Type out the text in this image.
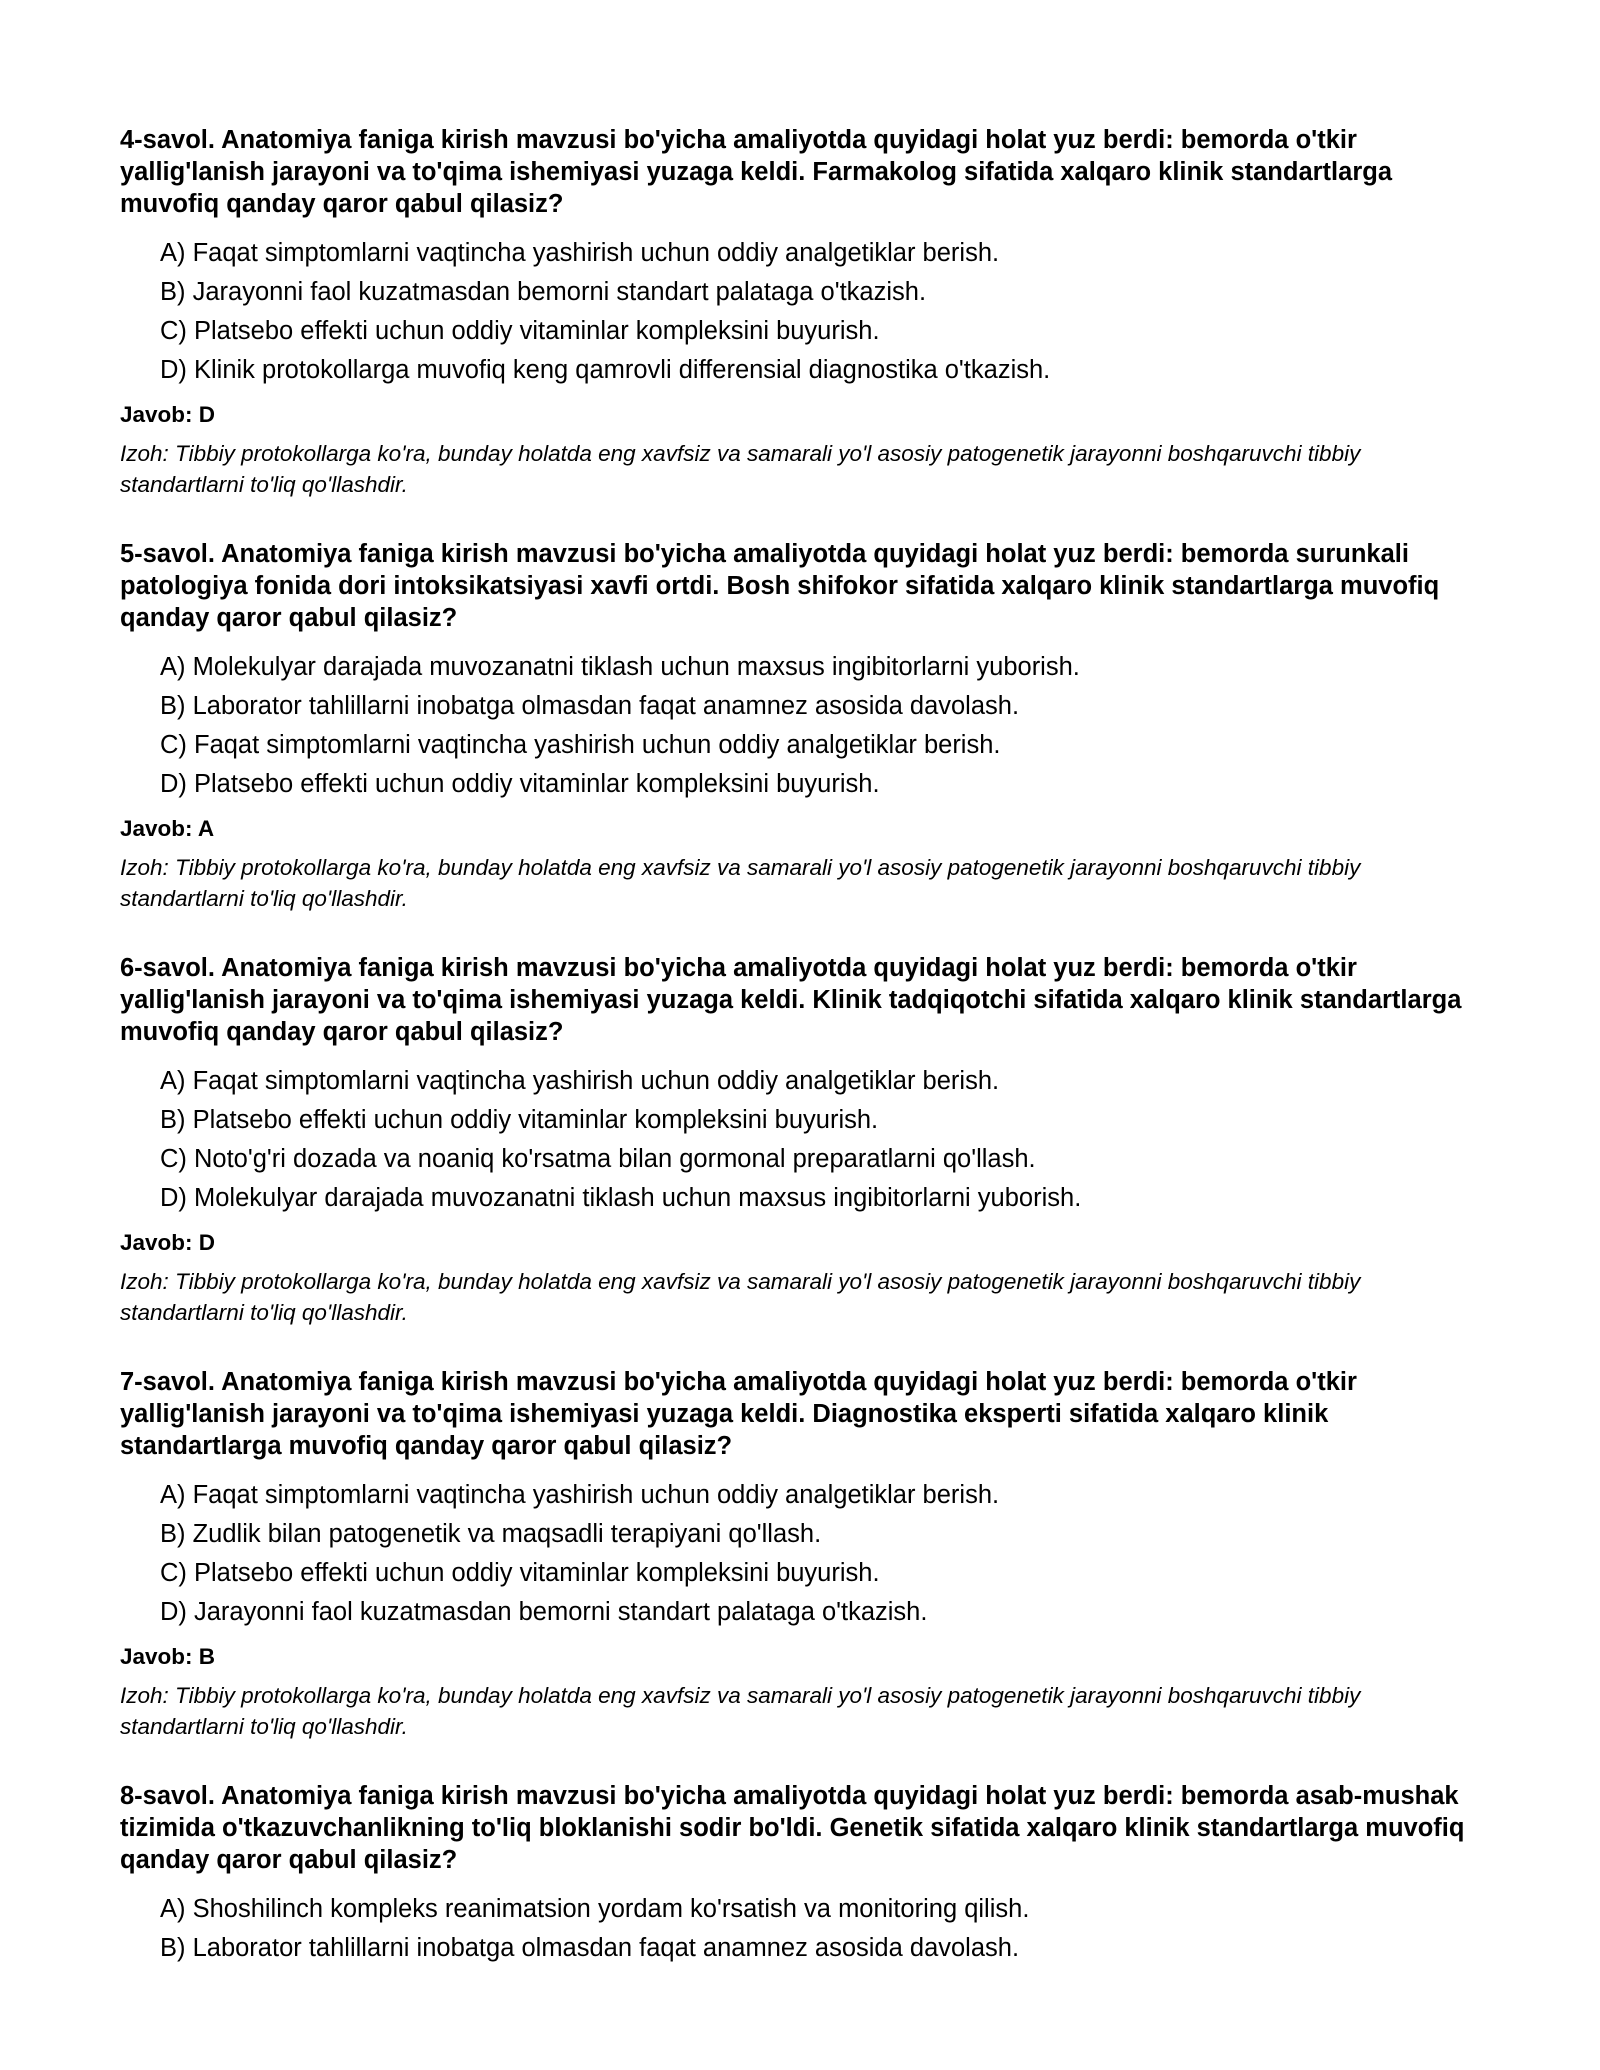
4-savol. Anatomiya faniga kirish mavzusi bo'yicha amaliyotda quyidagi holat yuz berdi: bemorda o'tkir yallig'lanish jarayoni va to'qima ishemiyasi yuzaga keldi. Farmakolog sifatida xalqaro klinik standartlarga muvofiq qanday qaror qabul qilasiz?

A) Faqat simptomlarni vaqtincha yashirish uchun oddiy analgetiklar berish.
B) Jarayonni faol kuzatmasdan bemorni standart palataga o'tkazish.
C) Platsebo effekti uchun oddiy vitaminlar kompleksini buyurish.
D) Klinik protokollarga muvofiq keng qamrovli differensial diagnostika o'tkazish.

Javob: D

Izoh: Tibbiy protokollarga ko'ra, bunday holatda eng xavfsiz va samarali yo'l asosiy patogenetik jarayonni boshqaruvchi tibbiy standartlarni to'liq qo'llashdir.

5-savol. Anatomiya faniga kirish mavzusi bo'yicha amaliyotda quyidagi holat yuz berdi: bemorda surunkali patologiya fonida dori intoksikatsiyasi xavfi ortdi. Bosh shifokor sifatida xalqaro klinik standartlarga muvofiq qanday qaror qabul qilasiz?

A) Molekulyar darajada muvozanatni tiklash uchun maxsus ingibitorlarni yuborish.
B) Laborator tahlillarni inobatga olmasdan faqat anamnez asosida davolash.
C) Faqat simptomlarni vaqtincha yashirish uchun oddiy analgetiklar berish.
D) Platsebo effekti uchun oddiy vitaminlar kompleksini buyurish.

Javob: A

Izoh: Tibbiy protokollarga ko'ra, bunday holatda eng xavfsiz va samarali yo'l asosiy patogenetik jarayonni boshqaruvchi tibbiy standartlarni to'liq qo'llashdir.

6-savol. Anatomiya faniga kirish mavzusi bo'yicha amaliyotda quyidagi holat yuz berdi: bemorda o'tkir yallig'lanish jarayoni va to'qima ishemiyasi yuzaga keldi. Klinik tadqiqotchi sifatida xalqaro klinik standartlarga muvofiq qanday qaror qabul qilasiz?

A) Faqat simptomlarni vaqtincha yashirish uchun oddiy analgetiklar berish.
B) Platsebo effekti uchun oddiy vitaminlar kompleksini buyurish.
C) Noto'g'ri dozada va noaniq ko'rsatma bilan gormonal preparatlarni qo'llash.
D) Molekulyar darajada muvozanatni tiklash uchun maxsus ingibitorlarni yuborish.

Javob: D

Izoh: Tibbiy protokollarga ko'ra, bunday holatda eng xavfsiz va samarali yo'l asosiy patogenetik jarayonni boshqaruvchi tibbiy standartlarni to'liq qo'llashdir.

7-savol. Anatomiya faniga kirish mavzusi bo'yicha amaliyotda quyidagi holat yuz berdi: bemorda o'tkir yallig'lanish jarayoni va to'qima ishemiyasi yuzaga keldi. Diagnostika eksperti sifatida xalqaro klinik standartlarga muvofiq qanday qaror qabul qilasiz?

A) Faqat simptomlarni vaqtincha yashirish uchun oddiy analgetiklar berish.
B) Zudlik bilan patogenetik va maqsadli terapiyani qo'llash.
C) Platsebo effekti uchun oddiy vitaminlar kompleksini buyurish.
D) Jarayonni faol kuzatmasdan bemorni standart palataga o'tkazish.

Javob: B

Izoh: Tibbiy protokollarga ko'ra, bunday holatda eng xavfsiz va samarali yo'l asosiy patogenetik jarayonni boshqaruvchi tibbiy standartlarni to'liq qo'llashdir.

8-savol. Anatomiya faniga kirish mavzusi bo'yicha amaliyotda quyidagi holat yuz berdi: bemorda asab-mushak tizimida o'tkazuvchanlikning to'liq bloklanishi sodir bo'ldi. Genetik sifatida xalqaro klinik standartlarga muvofiq qanday qaror qabul qilasiz?

A) Shoshilinch kompleks reanimatsion yordam ko'rsatish va monitoring qilish.
B) Laborator tahlillarni inobatga olmasdan faqat anamnez asosida davolash.
